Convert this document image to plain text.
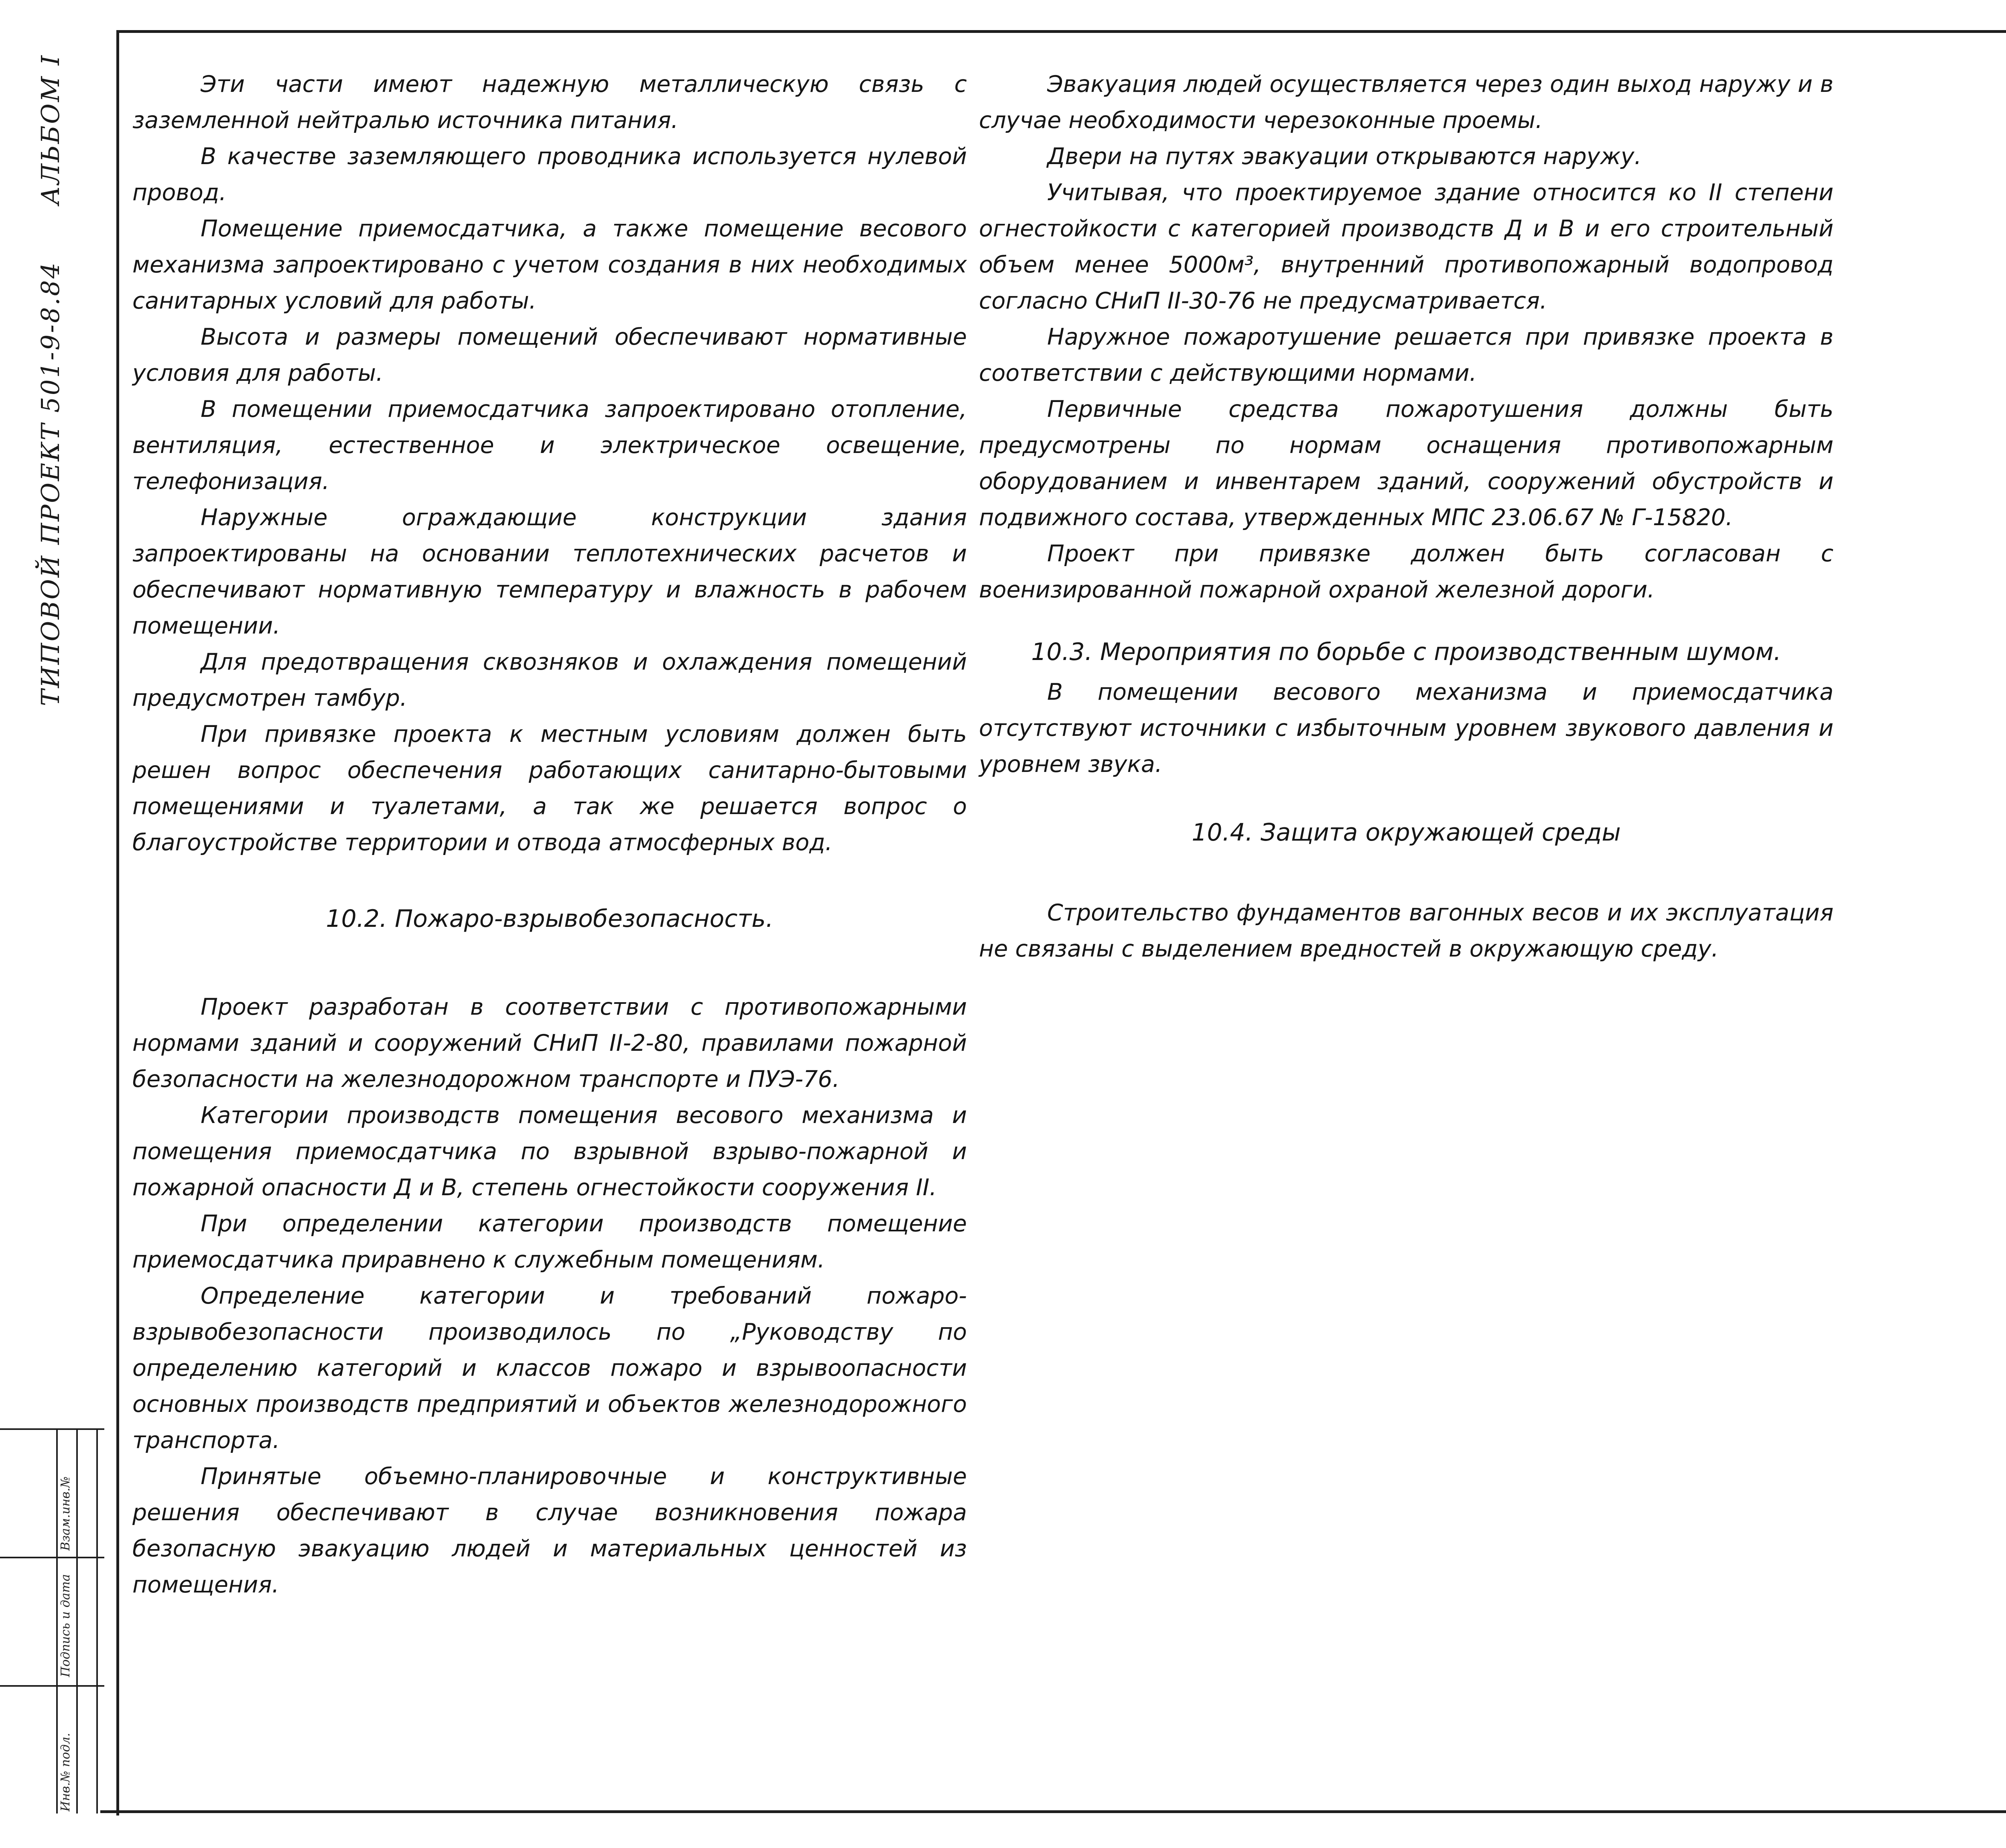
ТИПОВОЙ ПРОЕКТ 501-9-8.84
АЛЬБОМ I
Инв.№ подл.
Подпись и дата
Взам.инв.№

Эти части имеют надежную металлическую связь с заземленной нейтралью источника питания.

В качестве заземляющего проводника используется нулевой провод.

Помещение приемосдатчика, а также помещение весового механизма запроектировано с учетом создания в них необходимых санитарных условий для работы.

Высота и размеры помещений обеспечивают нормативные условия для работы.

В помещении приемосдатчика запроектировано отопление, вентиляция, естественное и электрическое освещение, телефонизация.

Наружные ограждающие конструкции здания запроектированы на основании теплотехнических расчетов и обеспечивают нормативную температуру и влажность в рабочем помещении.

Для предотвращения сквозняков и охлаждения помещений предусмотрен тамбур.

При привязке проекта к местным условиям должен быть решен вопрос обеспечения работающих санитарно-бытовыми помещениями и туалетами, а так же решается вопрос о благоустройстве территории и отвода атмосферных вод.

10.2. Пожаро-взрывобезопасность.

Проект разработан в соответствии с противопожарными нормами зданий и сооружений СНиП II-2-80, правилами пожарной безопасности на железнодорожном транспорте и ПУЭ-76.

Категории производств помещения весового механизма и помещения приемосдатчика по взрывной взрыво-пожарной и пожарной опасности Д и В, степень огнестойкости сооружения II.

При определении категории производств помещение приемосдатчика приравнено к служебным помещениям.

Определение категории и требований пожаро-взрывобезопасности производилось по „Руководству по определению категорий и классов пожаро и взрывоопасности основных производств предприятий и объектов железнодорожного транспорта.

Принятые объемно-планировочные и конструктивные решения обеспечивают в случае возникновения пожара безопасную эвакуацию людей и материальных ценностей из помещения.

Эвакуация людей осуществляется через один выход наружу и в случае необходимости черезоконные проемы.

Двери на путях эвакуации открываются наружу.

Учитывая, что проектируемое здание относится ко II степени огнестойкости с категорией производств Д и В и его строительный объем менее 5000м³, внутренний противопожарный водопровод согласно СНиП II-30-76 не предусматривается.

Наружное пожаротушение решается при привязке проекта в соответствии с действующими нормами.

Первичные средства пожаротушения должны быть предусмотрены по нормам оснащения противопожарным оборудованием и инвентарем зданий, сооружений обустройств и подвижного состава, утвержденных МПС 23.06.67 № Г-15820.

Проект при привязке должен быть согласован с военизированной пожарной охраной железной дороги.

10.3. Мероприятия по борьбе с производственным шумом.

В помещении весового механизма и приемосдатчика отсутствуют источники с избыточным уровнем звукового давления и уровнем звука.

10.4. Защита окружающей среды

Строительство фундаментов вагонных весов и их эксплуатация не связаны с выделением вредностей в окружающую среду.
